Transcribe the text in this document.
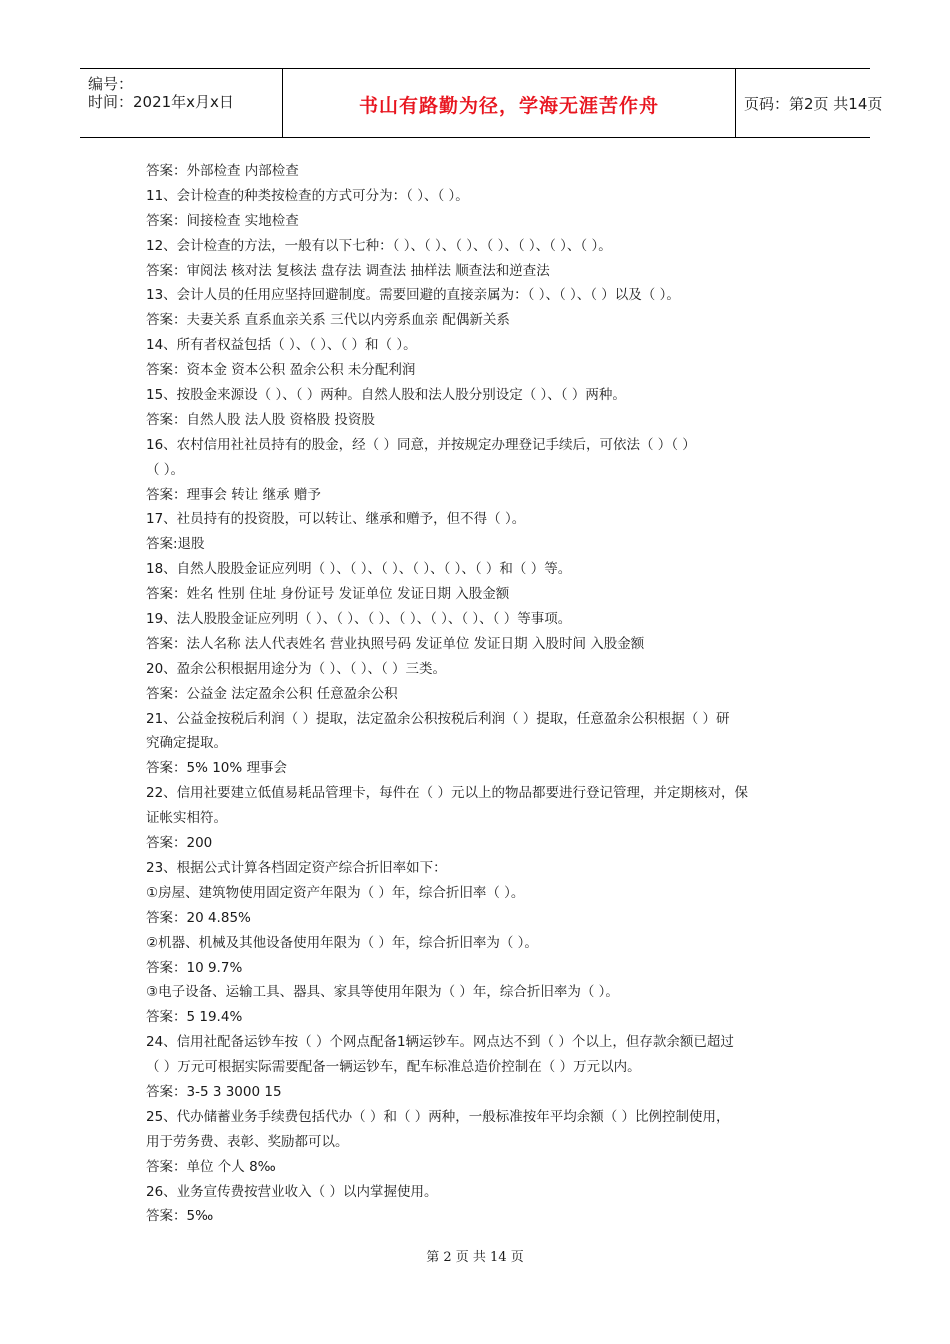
编号：
时间：2021年x月x日	书山有路勤为径，学海无涯苦作舟	页码：第2页 共14页
答案：外部检查 内部检查
11、会计检查的种类按检查的方式可分为：（ ）、（ ）。
答案：间接检查 实地检查
12、会计检查的方法，一般有以下七种：（ ）、（ ）、（ ）、（ ）、（ ）、（ ）、（ ）。
答案：审阅法 核对法 复核法 盘存法 调查法 抽样法 顺查法和逆查法
13、会计人员的任用应坚持回避制度。需要回避的直接亲属为：（ ）、（ ）、（ ）以及（ ）。
答案：夫妻关系 直系血亲关系 三代以内旁系血亲 配偶新关系
14、所有者权益包括（ ）、（ ）、（ ）和（ ）。
答案：资本金 资本公积 盈余公积 未分配利润
15、按股金来源设（ ）、（ ）两种。自然人股和法人股分别设定（ ）、（ ）两种。
答案：自然人股 法人股 资格股 投资股
16、农村信用社社员持有的股金，经（ ）同意，并按规定办理登记手续后，可依法（ ）（ ）
（ ）。
答案：理事会 转让 继承 赠予
17、社员持有的投资股，可以转让、继承和赠予，但不得（ ）。
答案:退股
18、自然人股股金证应列明（ ）、（ ）、（ ）、（ ）、（ ）、（ ）和（ ）等。
答案：姓名 性别 住址 身份证号 发证单位 发证日期 入股金额
19、法人股股金证应列明（ ）、（ ）、（ ）、（ ）、（ ）、（ ）、（ ）等事项。
答案：法人名称 法人代表姓名 营业执照号码 发证单位 发证日期 入股时间 入股金额
20、盈余公积根据用途分为（ ）、（ ）、（ ）三类。
答案：公益金 法定盈余公积 任意盈余公积
21、公益金按税后利润（ ）提取，法定盈余公积按税后利润（ ）提取，任意盈余公积根据（ ）研
究确定提取。
答案：5% 10% 理事会
22、信用社要建立低值易耗品管理卡，每件在（ ）元以上的物品都要进行登记管理，并定期核对，保
证帐实相符。
答案：200
23、根据公式计算各档固定资产综合折旧率如下：
①房屋、建筑物使用固定资产年限为（ ）年，综合折旧率（ ）。
答案：20 4.85%
②机器、机械及其他设备使用年限为（ ）年，综合折旧率为（ ）。
答案：10 9.7%
③电子设备、运输工具、器具、家具等使用年限为（ ）年，综合折旧率为（ ）。
答案：5 19.4%
24、信用社配备运钞车按（ ）个网点配备1辆运钞车。网点达不到（ ）个以上，但存款余额已超过
（ ）万元可根据实际需要配备一辆运钞车，配车标准总造价控制在（ ）万元以内。
答案：3-5 3 3000 15
25、代办储蓄业务手续费包括代办（ ）和（ ）两种，一般标准按年平均余额（ ）比例控制使用，
用于劳务费、表彰、奖励都可以。
答案：单位 个人 8‰
26、业务宣传费按营业收入（ ）以内掌握使用。
答案：5‰
第 2 页 共 14 页
